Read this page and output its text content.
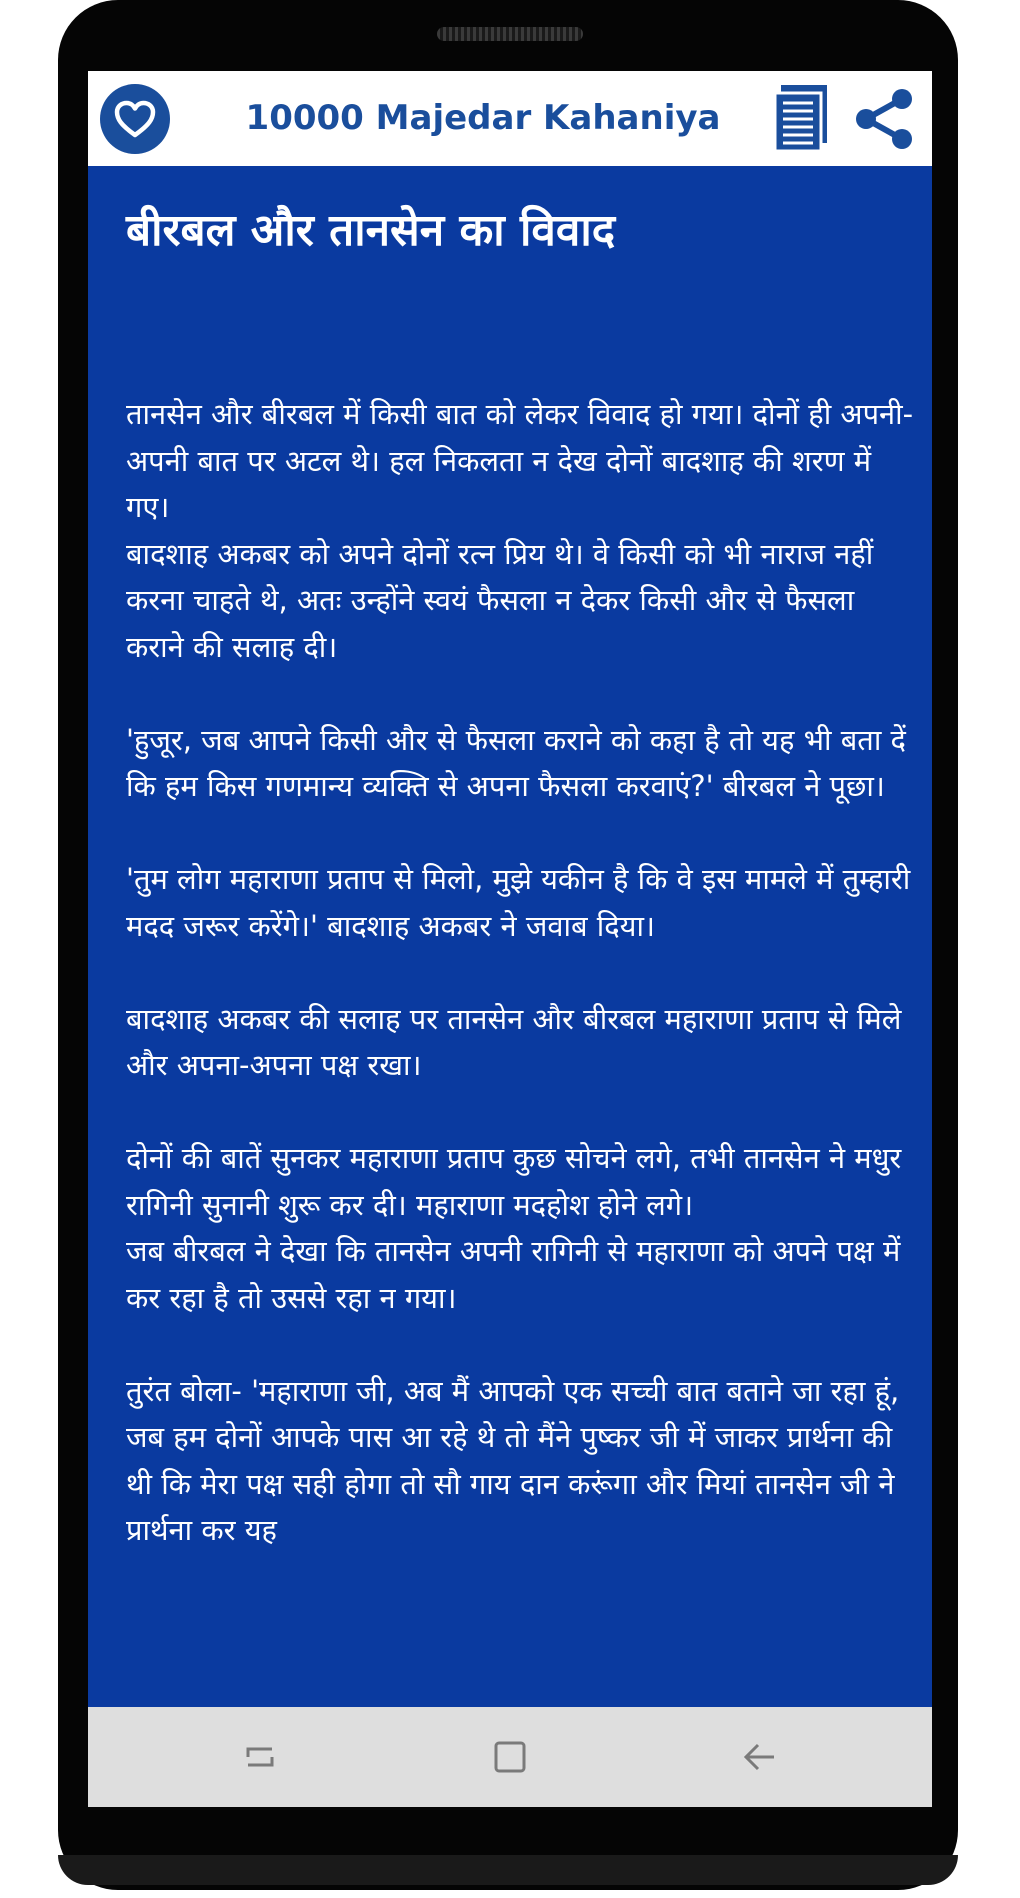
10000 Majedar Kahaniya
बीरबल और तानसेन का विवाद

तानसेन और बीरबल में किसी बात को लेकर विवाद हो गया। दोनों ही अपनी-अपनी बात पर अटल थे। हल निकलता न देख दोनों बादशाह की शरण में गए।
बादशाह अकबर को अपने दोनों रत्न प्रिय थे। वे किसी को भी नाराज नहीं करना चाहते थे, अतः उन्होंने स्वयं फैसला न देकर किसी और से फैसला कराने की सलाह दी।

'हुजूर, जब आपने किसी और से फैसला कराने को कहा है तो यह भी बता दें कि हम किस गणमान्य व्यक्ति से अपना फैसला करवाएं?' बीरबल ने पूछा।

'तुम लोग महाराणा प्रताप से मिलो, मुझे यकीन है कि वे इस मामले में तुम्हारी मदद जरूर करेंगे।' बादशाह अकबर ने जवाब दिया।

बादशाह अकबर की सलाह पर तानसेन और बीरबल महाराणा प्रताप से मिले और अपना-अपना पक्ष रखा।

दोनों की बातें सुनकर महाराणा प्रताप कुछ सोचने लगे, तभी तानसेन ने मधुर रागिनी सुनानी शुरू कर दी। महाराणा मदहोश होने लगे।
जब बीरबल ने देखा कि तानसेन अपनी रागिनी से महाराणा को अपने पक्ष में कर रहा है तो उससे रहा न गया।

तुरंत बोला- 'महाराणा जी, अब मैं आपको एक सच्ची बात बताने जा रहा हूं, जब हम दोनों आपके पास आ रहे थे तो मैंने पुष्कर जी में जाकर प्रार्थना की थी कि मेरा पक्ष सही होगा तो सौ गाय दान करूंगा और मियां तानसेन जी ने प्रार्थना कर यह
